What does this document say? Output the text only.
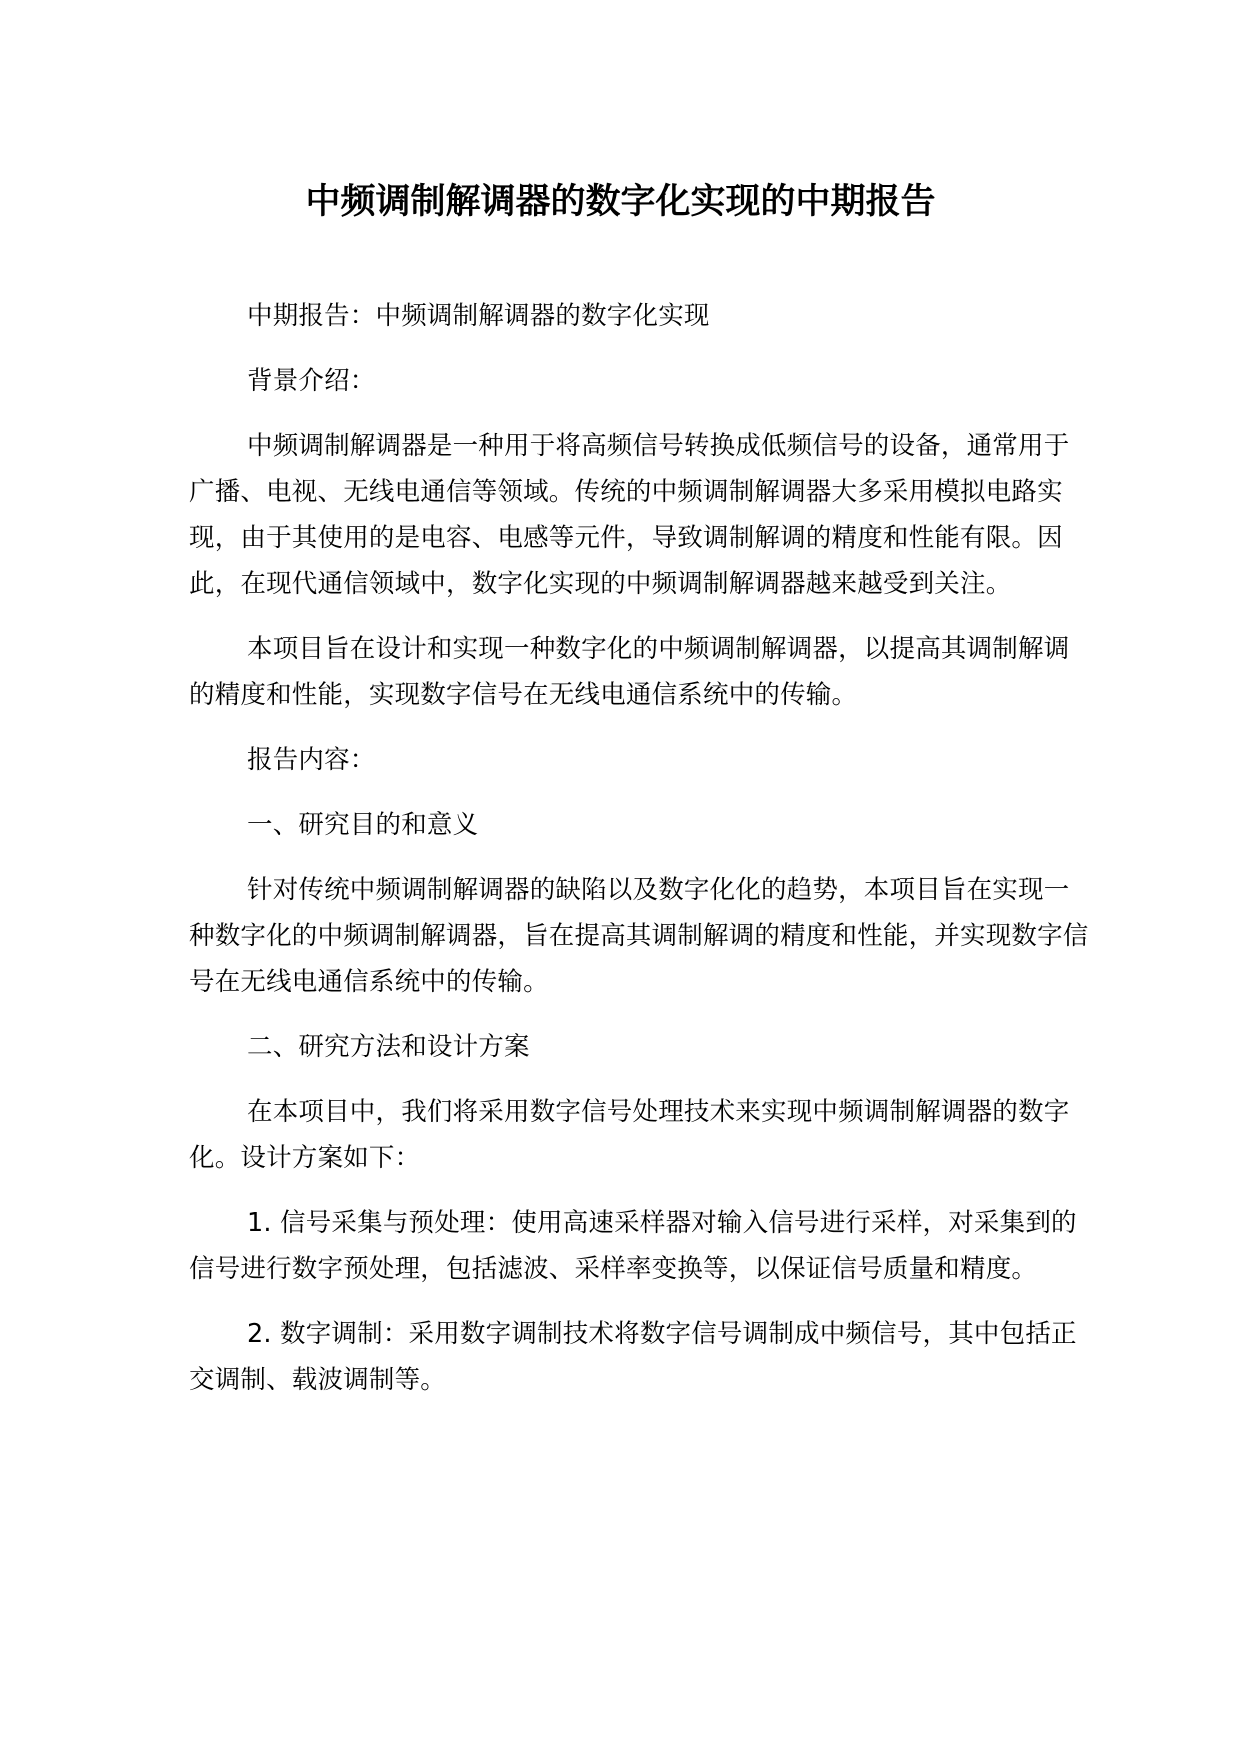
中频调制解调器的数字化实现的中期报告

中期报告：中频调制解调器的数字化实现

背景介绍：

中频调制解调器是一种用于将高频信号转换成低频信号的设备，通常用于广播、电视、无线电通信等领域。传统的中频调制解调器大多采用模拟电路实现，由于其使用的是电容、电感等元件，导致调制解调的精度和性能有限。因此，在现代通信领域中，数字化实现的中频调制解调器越来越受到关注。

本项目旨在设计和实现一种数字化的中频调制解调器，以提高其调制解调的精度和性能，实现数字信号在无线电通信系统中的传输。

报告内容：

一、研究目的和意义

针对传统中频调制解调器的缺陷以及数字化化的趋势，本项目旨在实现一种数字化的中频调制解调器，旨在提高其调制解调的精度和性能，并实现数字信号在无线电通信系统中的传输。

二、研究方法和设计方案

在本项目中，我们将采用数字信号处理技术来实现中频调制解调器的数字化。设计方案如下：

1. 信号采集与预处理：使用高速采样器对输入信号进行采样，对采集到的信号进行数字预处理，包括滤波、采样率变换等，以保证信号质量和精度。

2. 数字调制：采用数字调制技术将数字信号调制成中频信号，其中包括正交调制、载波调制等。
